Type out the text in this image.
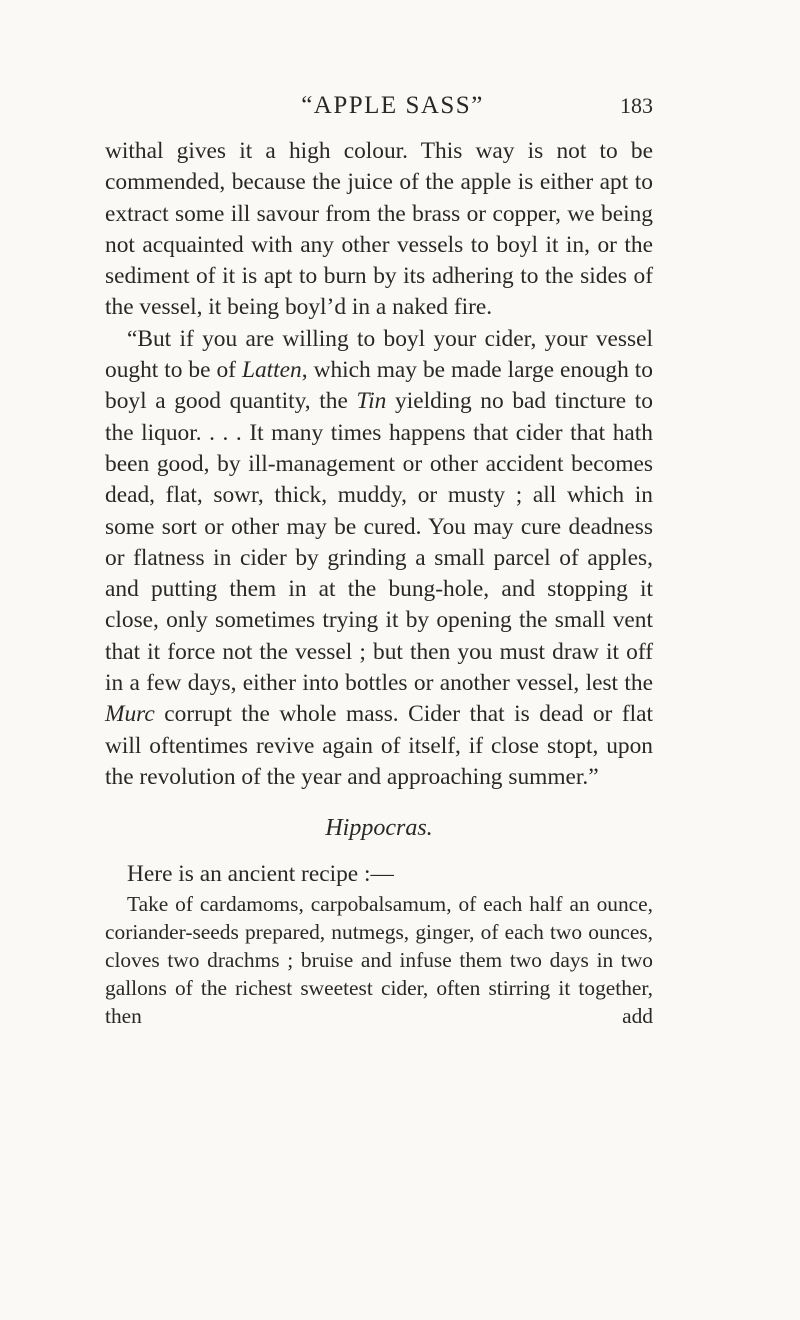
“APPLE SASS”	183

withal gives it a high colour. This way is not to be commended, because the juice of the apple is either apt to extract some ill savour from the brass or copper, we being not acquainted with any other vessels to boyl it in, or the sediment of it is apt to burn by its adhering to the sides of the vessel, it being boyl’d in a naked fire.

“But if you are willing to boyl your cider, your vessel ought to be of Latten, which may be made large enough to boyl a good quantity, the Tin yielding no bad tincture to the liquor. . . . It many times happens that cider that hath been good, by ill-management or other accident becomes dead, flat, sowr, thick, muddy, or musty ; all which in some sort or other may be cured. You may cure deadness or flatness in cider by grinding a small parcel of apples, and putting them in at the bung-hole, and stopping it close, only sometimes trying it by opening the small vent that it force not the vessel ; but then you must draw it off in a few days, either into bottles or another vessel, lest the Murc corrupt the whole mass. Cider that is dead or flat will oftentimes revive again of itself, if close stopt, upon the revolution of the year and approaching summer.”

Hippocras.

Here is an ancient recipe :—

Take of cardamoms, carpobalsamum, of each half an ounce, coriander-seeds prepared, nutmegs, ginger, of each two ounces, cloves two drachms ; bruise and infuse them two days in two gallons of the richest sweetest cider, often stirring it together, then add
